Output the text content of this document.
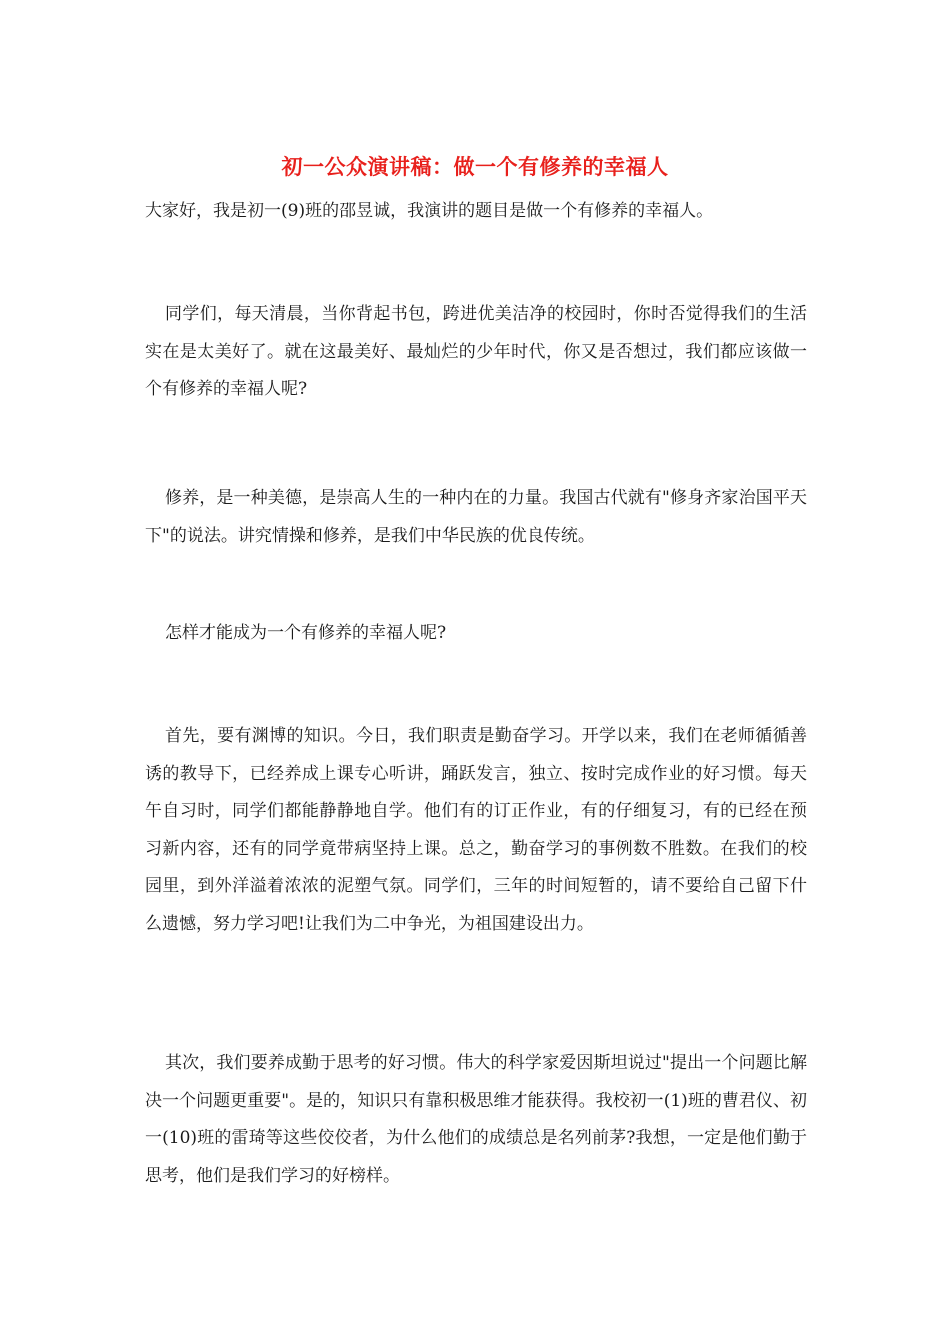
初一公众演讲稿：做一个有修养的幸福人

大家好，我是初一(9)班的邵昱诚，我演讲的题目是做一个有修养的幸福人。

同学们，每天清晨，当你背起书包，跨进优美洁净的校园时，你时否觉得我们的生活实在是太美好了。就在这最美好、最灿烂的少年时代，你又是否想过，我们都应该做一个有修养的幸福人呢?

修养，是一种美德，是崇高人生的一种内在的力量。我国古代就有"修身齐家治国平天下"的说法。讲究情操和修养，是我们中华民族的优良传统。

怎样才能成为一个有修养的幸福人呢?

首先，要有渊博的知识。今日，我们职责是勤奋学习。开学以来，我们在老师循循善诱的教导下，已经养成上课专心听讲，踊跃发言，独立、按时完成作业的好习惯。每天午自习时，同学们都能静静地自学。他们有的订正作业，有的仔细复习，有的已经在预习新内容，还有的同学竟带病坚持上课。总之，勤奋学习的事例数不胜数。在我们的校园里，到外洋溢着浓浓的泥塑气氛。同学们，三年的时间短暂的，请不要给自己留下什么遗憾，努力学习吧!让我们为二中争光，为祖国建设出力。

其次，我们要养成勤于思考的好习惯。伟大的科学家爱因斯坦说过"提出一个问题比解决一个问题更重要"。是的，知识只有靠积极思维才能获得。我校初一(1)班的曹君仪、初一(10)班的雷琦等这些佼佼者，为什么他们的成绩总是名列前茅?我想，一定是他们勤于思考，他们是我们学习的好榜样。
